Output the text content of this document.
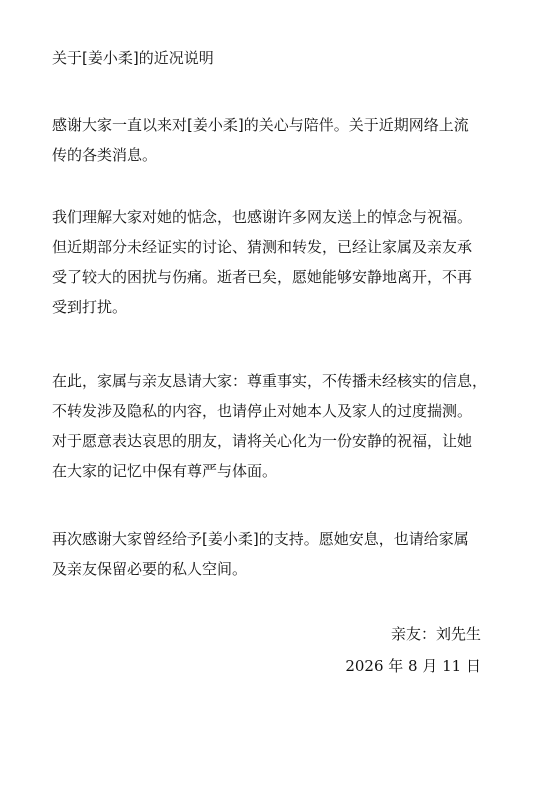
关于[姜小柔]的近况说明
感谢大家一直以来对[姜小柔]的关心与陪伴。关于近期网络上流
传的各类消息。
我们理解大家对她的惦念，也感谢许多网友送上的悼念与祝福。
但近期部分未经证实的讨论、猜测和转发，已经让家属及亲友承
受了较大的困扰与伤痛。逝者已矣，愿她能够安静地离开，不再
受到打扰。
在此，家属与亲友恳请大家：尊重事实，不传播未经核实的信息，
不转发涉及隐私的内容，也请停止对她本人及家人的过度揣测。
对于愿意表达哀思的朋友，请将关心化为一份安静的祝福，让她
在大家的记忆中保有尊严与体面。
再次感谢大家曾经给予[姜小柔]的支持。愿她安息，也请给家属
及亲友保留必要的私人空间。
亲友：刘先生
2026 年 8 月 11 日
